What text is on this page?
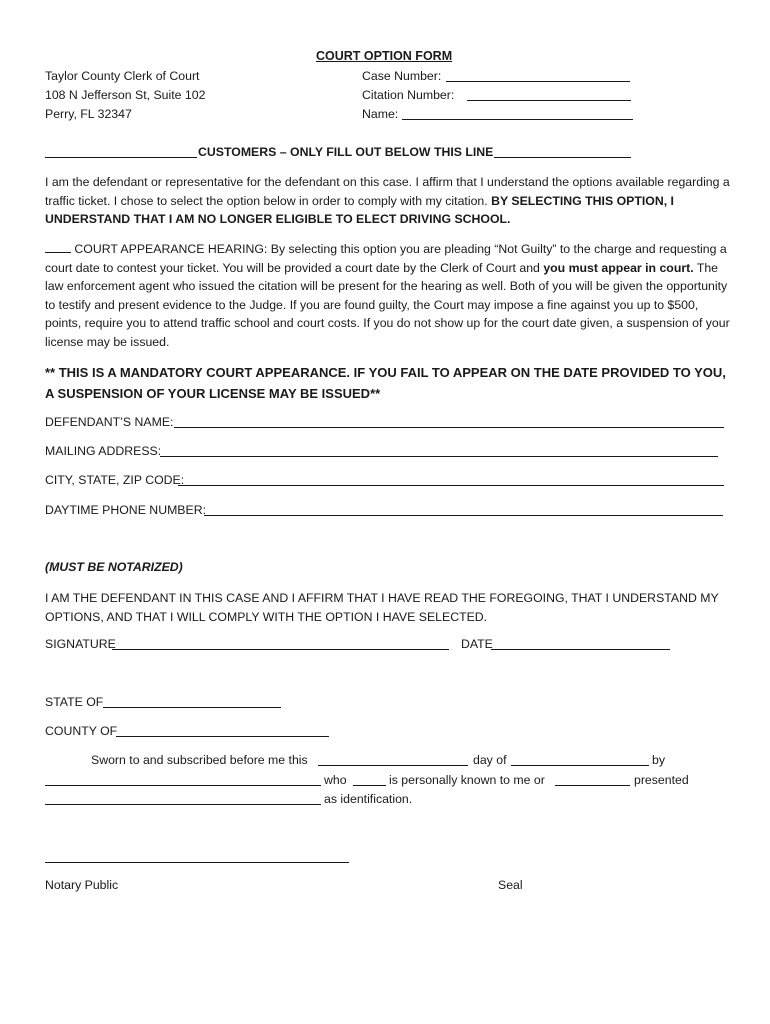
COURT OPTION FORM
Taylor County Clerk of Court
108 N Jefferson St, Suite 102
Perry, FL 32347
Case Number:
Citation Number:
Name:
CUSTOMERS – ONLY FILL OUT BELOW THIS LINE
I am the defendant or representative for the defendant on this case. I affirm that I understand the options available regarding a traffic ticket. I chose to select the option below in order to comply with my citation. BY SELECTING THIS OPTION, I UNDERSTAND THAT I AM NO LONGER ELIGIBLE TO ELECT DRIVING SCHOOL.
COURT APPEARANCE HEARING: By selecting this option you are pleading “Not Guilty” to the charge and requesting a court date to contest your ticket. You will be provided a court date by the Clerk of Court and you must appear in court. The law enforcement agent who issued the citation will be present for the hearing as well. Both of you will be given the opportunity to testify and present evidence to the Judge. If you are found guilty, the Court may impose a fine against you up to $500, points, require you to attend traffic school and court costs. If you do not show up for the court date given, a suspension of your license may be issued.
** THIS IS A MANDATORY COURT APPEARANCE. IF YOU FAIL TO APPEAR ON THE DATE PROVIDED TO YOU, A SUSPENSION OF YOUR LICENSE MAY BE ISSUED**
DEFENDANT’S NAME:
MAILING ADDRESS:
CITY, STATE, ZIP CODE:
DAYTIME PHONE NUMBER:
(MUST BE NOTARIZED)
I AM THE DEFENDANT IN THIS CASE AND I AFFIRM THAT I HAVE READ THE FOREGOING, THAT I UNDERSTAND MY OPTIONS, AND THAT I WILL COMPLY WITH THE OPTION I HAVE SELECTED.
SIGNATURE	DATE
STATE OF
COUNTY OF
Sworn to and subscribed before me this	day of	by
who	is personally known to me or	presented
as identification.
Notary Public	Seal
